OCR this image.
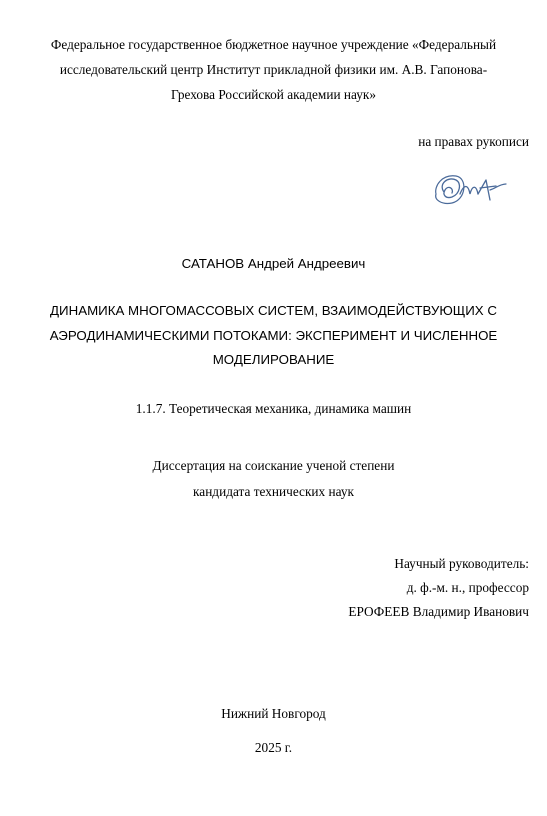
Федеральное государственное бюджетное научное учреждение «Федеральный
исследовательский центр Институт прикладной физики им. А.В. Гапонова-
Грехова Российской академии наук»
на правах рукописи
САТАНОВ Андрей Андреевич
ДИНАМИКА МНОГОМАССОВЫХ СИСТЕМ, ВЗАИМОДЕЙСТВУЮЩИХ С
АЭРОДИНАМИЧЕСКИМИ ПОТОКАМИ: ЭКСПЕРИМЕНТ И ЧИСЛЕННОЕ
МОДЕЛИРОВАНИЕ
1.1.7. Теоретическая механика, динамика машин
Диссертация на соискание ученой степени
кандидата технических наук
Научный руководитель:
д. ф.-м. н., профессор
ЕРОФЕЕВ Владимир Иванович
Нижний Новгород
2025 г.
